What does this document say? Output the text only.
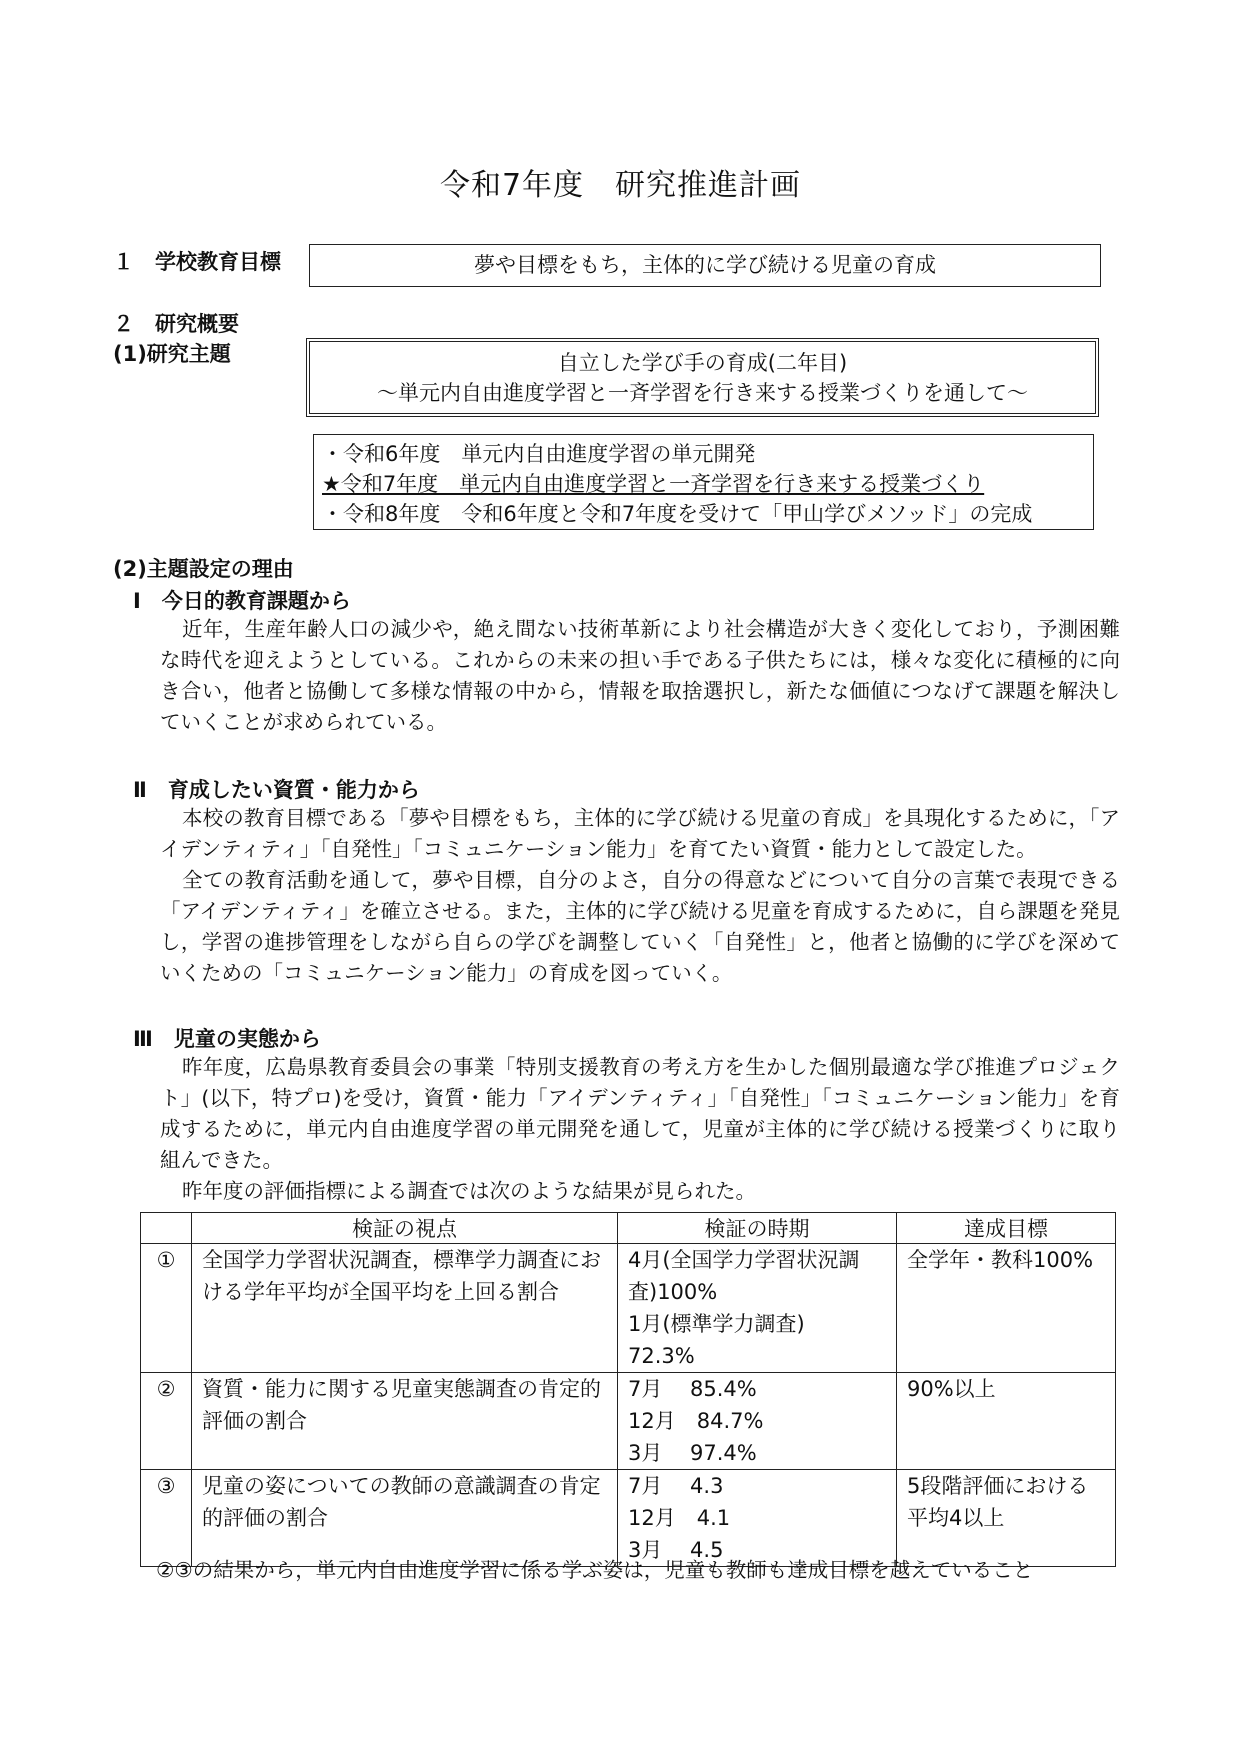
令和7年度　研究推進計画
１　学校教育目標	夢や目標をもち，主体的に学び続ける児童の育成
２　研究概要
(1)研究主題	自立した学び手の育成(二年目)
～単元内自由進度学習と一斉学習を行き来する授業づくりを通して～
・令和6年度　単元内自由進度学習の単元開発
★令和7年度　単元内自由進度学習と一斉学習を行き来する授業づくり
・令和8年度　令和6年度と令和7年度を受けて「甲山学びメソッド」の完成
(2)主題設定の理由
Ⅰ　今日的教育課題から
近年，生産年齢人口の減少や，絶え間ない技術革新により社会構造が大きく変化しており，予測困難な時代を迎えようとしている。これからの未来の担い手である子供たちには，様々な変化に積極的に向き合い，他者と協働して多様な情報の中から，情報を取捨選択し，新たな価値につなげて課題を解決していくことが求められている。
Ⅱ　育成したい資質・能力から

本校の教育目標である「夢や目標をもち，主体的に学び続ける児童の育成」を具現化するために，「アイデンティティ」「自発性」「コミュニケーション能力」を育てたい資質・能力として設定した。

全ての教育活動を通して，夢や目標，自分のよさ，自分の得意などについて自分の言葉で表現できる「アイデンティティ」を確立させる。また，主体的に学び続ける児童を育成するために，自ら課題を発見し，学習の進捗管理をしながら自らの学びを調整していく「自発性」と，他者と協働的に学びを深めていくための「コミュニケーション能力」の育成を図っていく。

Ⅲ　児童の実態から

昨年度，広島県教育委員会の事業「特別支援教育の考え方を生かした個別最適な学び推進プロジェクト」(以下，特プロ)を受け，資質・能力「アイデンティティ」「自発性」「コミュニケーション能力」を育成するために，単元内自由進度学習の単元開発を通して，児童が主体的に学び続ける授業づくりに取り組んできた。

昨年度の評価指標による調査では次のような結果が見られた。

	検証の視点	検証の時期	達成目標
①	全国学力学習状況調査，標準学力調査における学年平均が全国平均を上回る割合	4月(全国学力学習状況調
査)100%
1月(標準学力調査)
72.3%	全学年・教科100%
②	資質・能力に関する児童実態調査の肯定的評価の割合	7月　 85.4%
12月　84.7%
3月　 97.4%	90%以上
③	児童の姿についての教師の意識調査の肯定的評価の割合	7月　 4.3
12月　4.1
3月　 4.5	5段階評価における平均4以上
②③の結果から，単元内自由進度学習に係る学ぶ姿は，児童も教師も達成目標を越えていること
